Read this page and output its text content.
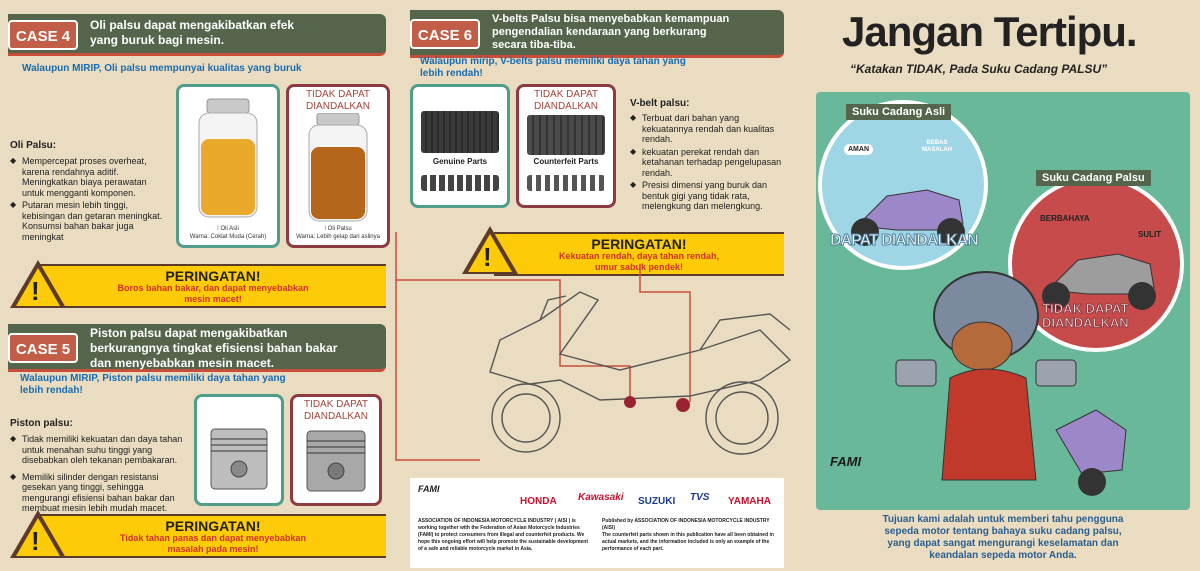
CASE 4
Oli palsu dapat mengakibatkan efek
yang buruk bagi mesin.
Walaupun MIRIP, Oli palsu mempunyai kualitas yang buruk
Oli Palsu:
◆ Mempercepat proses overheat, karena rendahnya aditif. Meningkatkan biaya perawatan untuk mengganti komponen.
◆ Putaran mesin lebih tinggi, kebisingan dan getaran meningkat. Konsumsi bahan bakar juga meningkat
I Oli Asli
Warna: Coklat Muda (Cerah)
TIDAK DAPAT DIANDALKAN
I Oli Palsu
Warna: Lebih gelap dari aslinya
PERINGATAN!
Boros bahan bakar, dan dapat menyebabkan
mesin macet!
!
CASE 5
Piston palsu dapat mengakibatkan
berkurangnya tingkat efisiensi bahan bakar
dan menyebabkan mesin macet.
Walaupun MIRIP, Piston palsu memiliki daya tahan yang
lebih rendah!
Piston palsu:
◆ Tidak memiliki kekuatan dan daya tahan untuk menahan suhu tinggi yang disebabkan oleh tekanan pembakaran.
◆ Memiliki silinder dengan resistansi gesekan yang tinggi, sehingga mengurangi efisiensi bahan bakar dan membuat mesin lebih mudah macet.
TIDAK DAPAT DIANDALKAN
PERINGATAN!
Tidak tahan panas dan dapat menyebabkan
masalah pada mesin!
!
CASE 6
V-belts Palsu bisa menyebabkan kemampuan
pengendalian kendaraan yang berkurang
secara tiba-tiba.
Walaupun mirip, V-belts palsu memiliki daya tahan yang
lebih rendah!
Genuine Parts
TIDAK DAPAT DIANDALKAN
Counterfeit Parts
V-belt palsu:
◆ Terbuat dari bahan yang kekuatannya rendah dan kualitas rendah.
◆ kekuatan perekat rendah dan ketahanan terhadap pengelupasan rendah.
◆ Presisi dimensi yang buruk dan bentuk gigi yang tidak rata, melengkung dan melengkung.
PERINGATAN!
Kekuatan rendah, daya tahan rendah,
umur sabuk pendek!
!
FAMI
HONDA Kawasaki SUZUKI TVS YAMAHA
ASSOCIATION OF INDONESIA MOTORCYCLE INDUSTRY ( AISI ) is working together with the Federation of Asian Motorcycle Industries (FAMI) to protect consumers from illegal and counterfeit products. We hope this ongoing effort will help promote the sustainable development of a safe and reliable motorcycle market in Asia.
Published by ASSOCIATION OF INDONESIA MOTORCYCLE INDUSTRY (AISI)
The counterfeit parts shown in this publication have all been obtained in actual markets, and the information included is only an example of the performance of each part.
Jangan Tertipu.
“Katakan TIDAK, Pada Suku Cadang PALSU”
AMAN
BEBAS
MASALAH
Suku Cadang Asli
DAPAT DIANDALKAN
BERBAHAYA
SULIT
Suku Cadang Palsu
TIDAK DAPAT
DIANDALKAN
FAMI
Tujuan kami adalah untuk memberi tahu pengguna
sepeda motor tentang bahaya suku cadang palsu,
yang dapat sangat mengurangi keselamatan dan
keandalan sepeda motor Anda.
